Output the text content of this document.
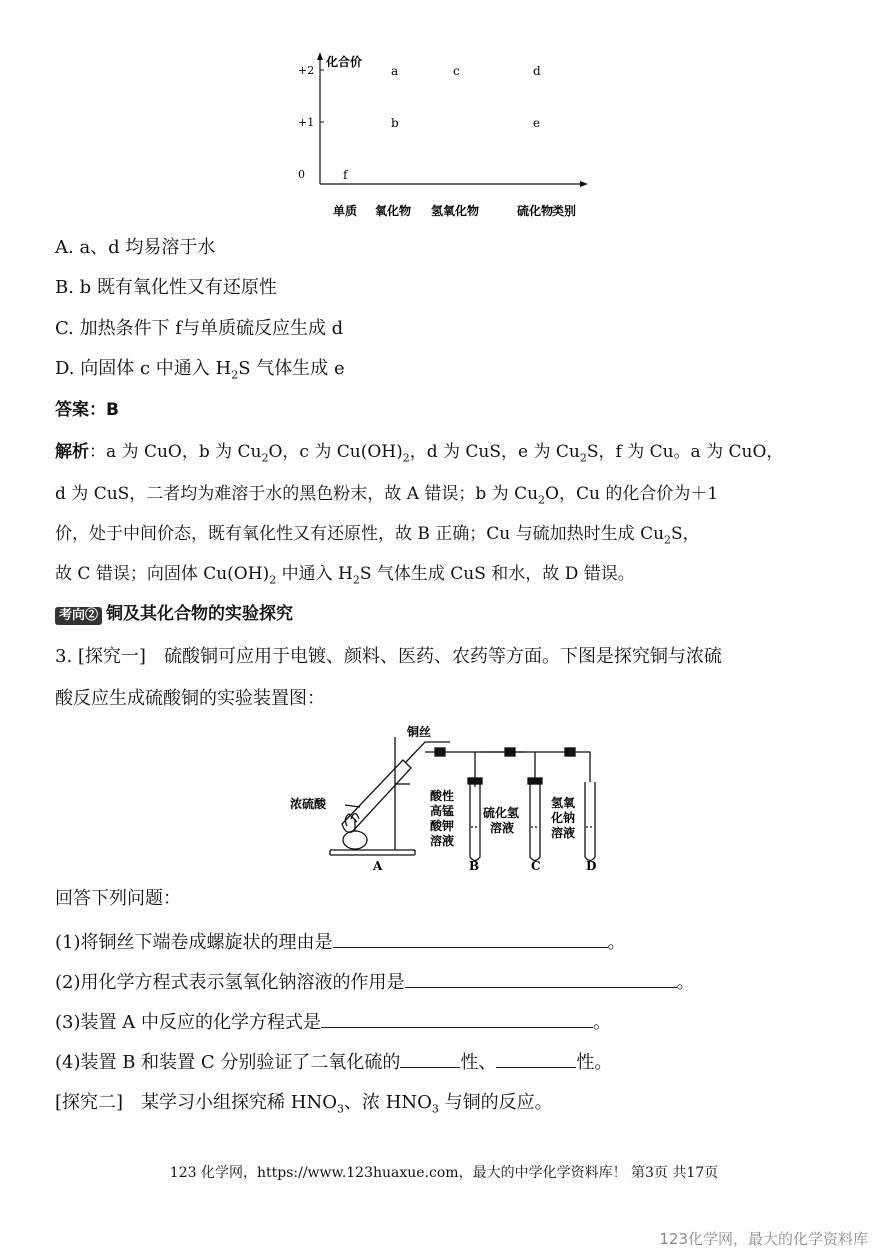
化合价
类别
+2
+1
0
单质 氧化物 氢氧化物	硫化物
a	c	d
b	e
f
A. a、d 均易溶于水
B. b 既有氧化性又有还原性
C. 加热条件下 f与单质硫反应生成 d
D. 向固体 c 中通入 $H_2S$ 气体生成 e
答案：B
解析：a 为 CuO，b 为 $Cu_2O$，c 为 $Cu(OH)_2$，d 为 CuS，e 为 $Cu_2S$，f 为 Cu。a 为 CuO，
d 为 CuS，二者均为难溶于水的黑色粉末，故 A 错误；b 为 $Cu_2O$，Cu 的化合价为＋1
价，处于中间价态，既有氧化性又有还原性，故 B 正确；Cu 与硫加热时生成 $Cu_2S$，
故 C 错误；向固体 $Cu(OH)_2$ 中通入 $H_2S$ 气体生成 CuS 和水，故 D 错误。
考向② 铜及其化合物的实验探究
3. [探究一]　硫酸铜可应用于电镀、颜料、医药、农药等方面。下图是探究铜与浓硫
酸反应生成硫酸铜的实验装置图：
铜丝
浓硫酸
酸性
高锰
酸钾
溶液
硫化氢
溶液
氢氧
化钠
溶液
A	B	C	D
回答下列问题：
(1)将铜丝下端卷成螺旋状的理由是	。
(2)用化学方程式表示氢氧化钠溶液的作用是	。
(3)装置 A 中反应的化学方程式是	。
(4)装置 B 和装置 C 分别验证了二氧化硫的	性、	性。
[探究二]　某学习小组探究稀 $HNO_3$、浓 $HNO_3$ 与铜的反应。
123 化学网，https://www.123huaxue.com，最大的中学化学资料库！ 第3页 共17页
123化学网，最大的化学资料库
